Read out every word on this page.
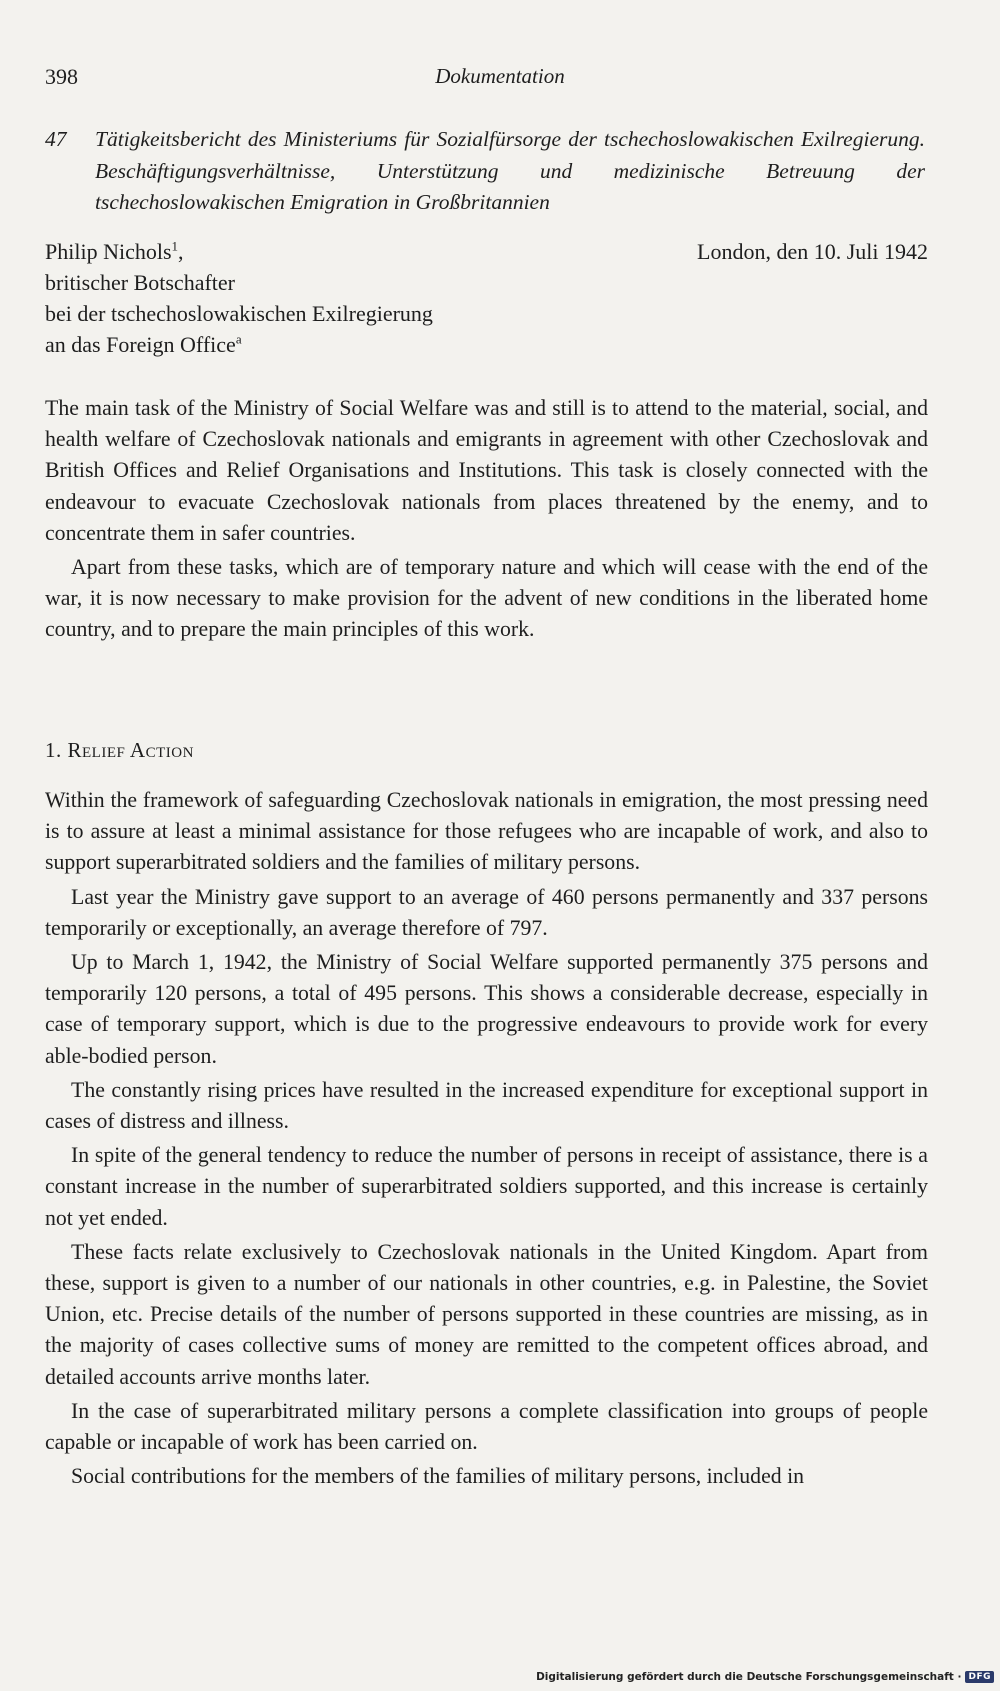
398	Dokumentation
47	Tätigkeitsbericht des Ministeriums für Sozialfürsorge der tschechoslowakischen Exilregierung. Beschäftigungsverhältnisse, Unterstützung und medizinische Betreuung der tschechoslowakischen Emigration in Großbritannien
Philip Nichols$^1$,
britischer Botschafter
bei der tschechoslowakischen Exilregierung
an das Foreign Office$^a$
London, den 10. Juli 1942

The main task of the Ministry of Social Welfare was and still is to attend to the material, social, and health welfare of Czechoslovak nationals and emigrants in agreement with other Czechoslovak and British Offices and Relief Organisations and Institutions. This task is closely connected with the endeavour to evacuate Czechoslovak nationals from places threatened by the enemy, and to concentrate them in safer countries.

Apart from these tasks, which are of temporary nature and which will cease with the end of the war, it is now necessary to make provision for the advent of new conditions in the liberated home country, and to prepare the main principles of this work.

1. Relief Action

Within the framework of safeguarding Czechoslovak nationals in emigration, the most pressing need is to assure at least a minimal assistance for those refugees who are incapable of work, and also to support superarbitrated soldiers and the families of military persons.

Last year the Ministry gave support to an average of 460 persons permanently and 337 persons temporarily or exceptionally, an average therefore of 797.

Up to March 1, 1942, the Ministry of Social Welfare supported permanently 375 persons and temporarily 120 persons, a total of 495 persons. This shows a considerable decrease, especially in case of temporary support, which is due to the progressive endeavours to provide work for every able-bodied person.

The constantly rising prices have resulted in the increased expenditure for exceptional support in cases of distress and illness.

In spite of the general tendency to reduce the number of persons in receipt of assistance, there is a constant increase in the number of superarbitrated soldiers supported, and this increase is certainly not yet ended.

These facts relate exclusively to Czechoslovak nationals in the United Kingdom. Apart from these, support is given to a number of our nationals in other countries, e.g. in Palestine, the Soviet Union, etc. Precise details of the number of persons supported in these countries are missing, as in the majority of cases collective sums of money are remitted to the competent offices abroad, and detailed accounts arrive months later.

In the case of superarbitrated military persons a complete classification into groups of people capable or incapable of work has been carried on.

Social contributions for the members of the families of military persons, included in

Digitalisierung gefördert durch die Deutsche Forschungsgemeinschaft · DFG
